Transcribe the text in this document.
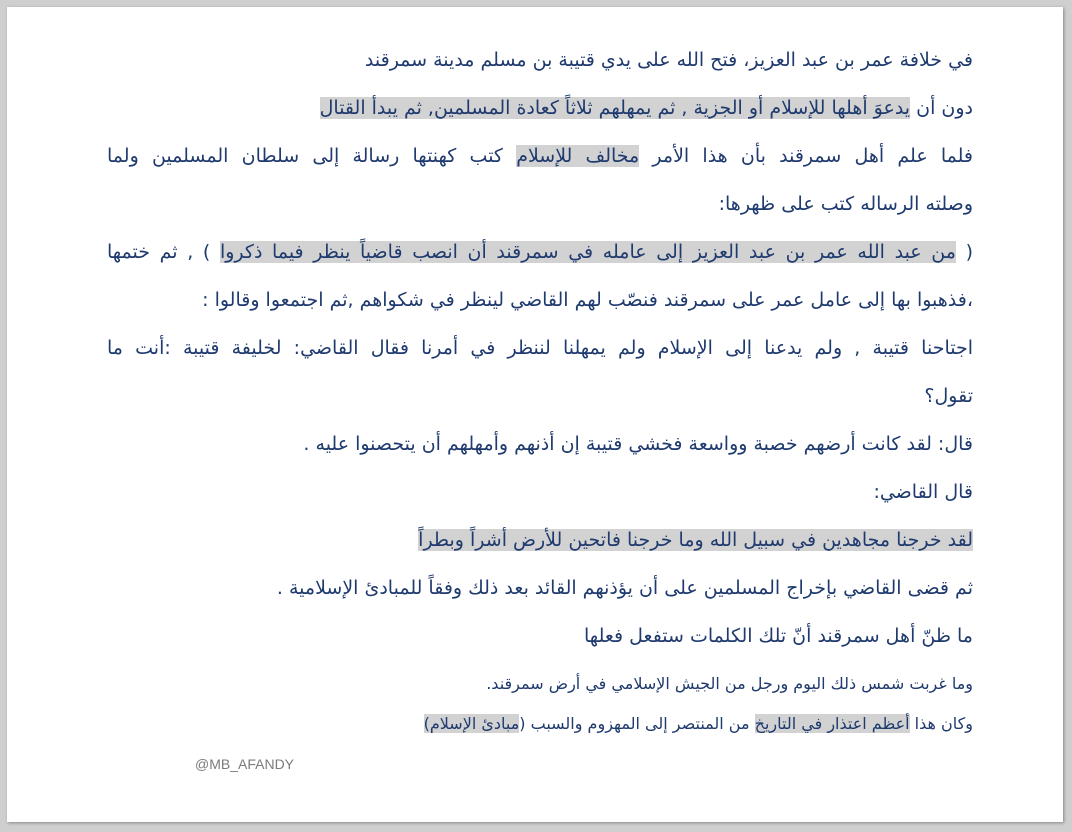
في خلافة عمر بن عبد العزيز، فتح الله على يدي قتيبة بن مسلم مدينة سمرقند
دون أن يدعوَ أهلها للإسلام أو الجزية , ثم يمهلهم ثلاثاً كعادة المسلمين, ثم يبدأ القتال
فلما علم أهل سمرقند بأن هذا الأمر مخالف للإسلام كتب كهنتها رسالة إلى سلطان المسلمين ولما
وصلته الرساله كتب على ظهرها:
( من عبد الله عمر بن عبد العزيز إلى عامله في سمرقند أن انصب قاضياً ينظر فيما ذكروا ) , ثم ختمها
،فذهبوا بها إلى عامل عمر على سمرقند فنصّب لهم القاضي لينظر في شكواهم ,ثم اجتمعوا وقالوا :
اجتاحنا قتيبة , ولم يدعنا إلى الإسلام ولم يمهلنا لننظر في أمرنا فقال القاضي: لخليفة قتيبة :أنت ما
تقول؟
قال: لقد كانت أرضهم خصبة وواسعة فخشي قتيبة إن أذنهم وأمهلهم أن يتحصنوا عليه .
قال القاضي:
لقد خرجنا مجاهدين في سبيل الله وما خرجنا فاتحين للأرض أشراً وبطراً
ثم قضى القاضي بإخراج المسلمين على أن يؤذنهم القائد بعد ذلك وفقاً للمبادئ الإسلامية .
ما ظنّ أهل سمرقند أنّ تلك الكلمات ستفعل فعلها
وما غربت شمس ذلك اليوم ورجل من الجيش الإسلامي في أرض سمرقند.
وكان هذا أعظم اعتذار في التاريخ من المنتصر إلى المهزوم والسبب (مبادئ الإسلام)
@MB_AFANDY
